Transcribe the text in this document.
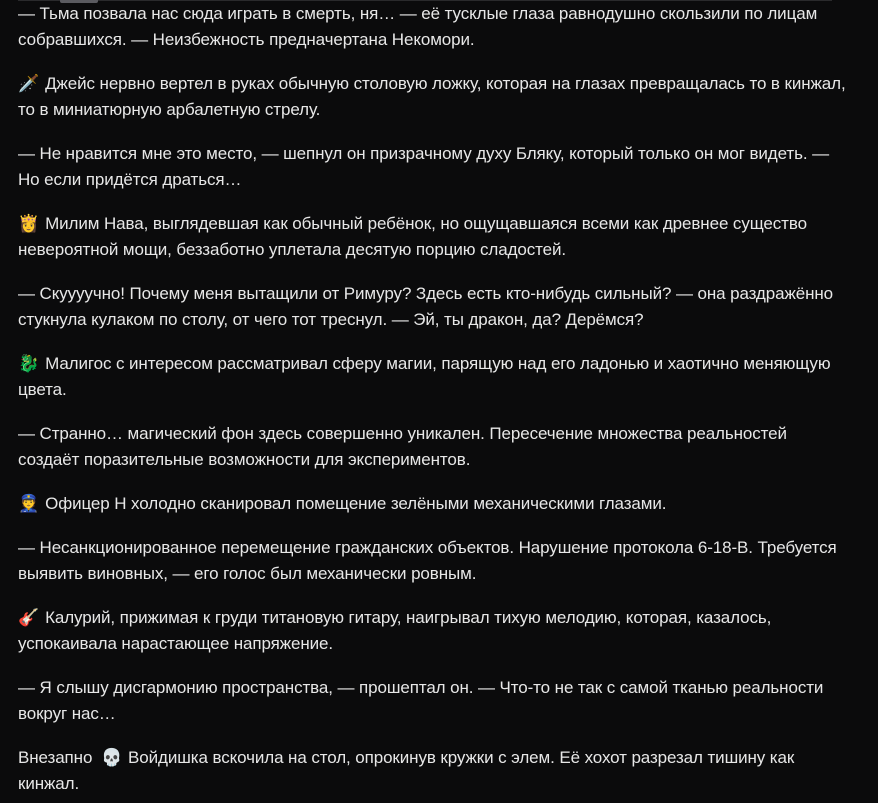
— Тьма позвала нас сюда играть в смерть, ня… — её тусклые глаза равнодушно скользили по лицам собравшихся. — Неизбежность предначертана Некомори.

🗡️ Джейс нервно вертел в руках обычную столовую ложку, которая на глазах превращалась то в кинжал, то в миниатюрную арбалетную стрелу.

— Не нравится мне это место, — шепнул он призрачному духу Бляку, который только он мог видеть. — Но если придётся драться…

👸 Милим Нава, выглядевшая как обычный ребёнок, но ощущавшаяся всеми как древнее существо невероятной мощи, беззаботно уплетала десятую порцию сладостей.

— Скуууучно! Почему меня вытащили от Римуру? Здесь есть кто-нибудь сильный? — она раздражённо стукнула кулаком по столу, от чего тот треснул. — Эй, ты дракон, да? Дерёмся?

🐉 Малигос с интересом рассматривал сферу магии, парящую над его ладонью и хаотично меняющую цвета.

— Странно… магический фон здесь совершенно уникален. Пересечение множества реальностей создаёт поразительные возможности для экспериментов.

👮 Офицер Н холодно сканировал помещение зелёными механическими глазами.

— Несанкционированное перемещение гражданских объектов. Нарушение протокола 6-18-В. Требуется выявить виновных, — его голос был механически ровным.

🎸 Калурий, прижимая к груди титановую гитару, наигрывал тихую мелодию, которая, казалось, успокаивала нарастающее напряжение.

— Я слышу дисгармонию пространства, — прошептал он. — Что-то не так с самой тканью реальности вокруг нас…

Внезапно 💀 Войдишка вскочила на стол, опрокинув кружки с элем. Её хохот разрезал тишину как кинжал.
